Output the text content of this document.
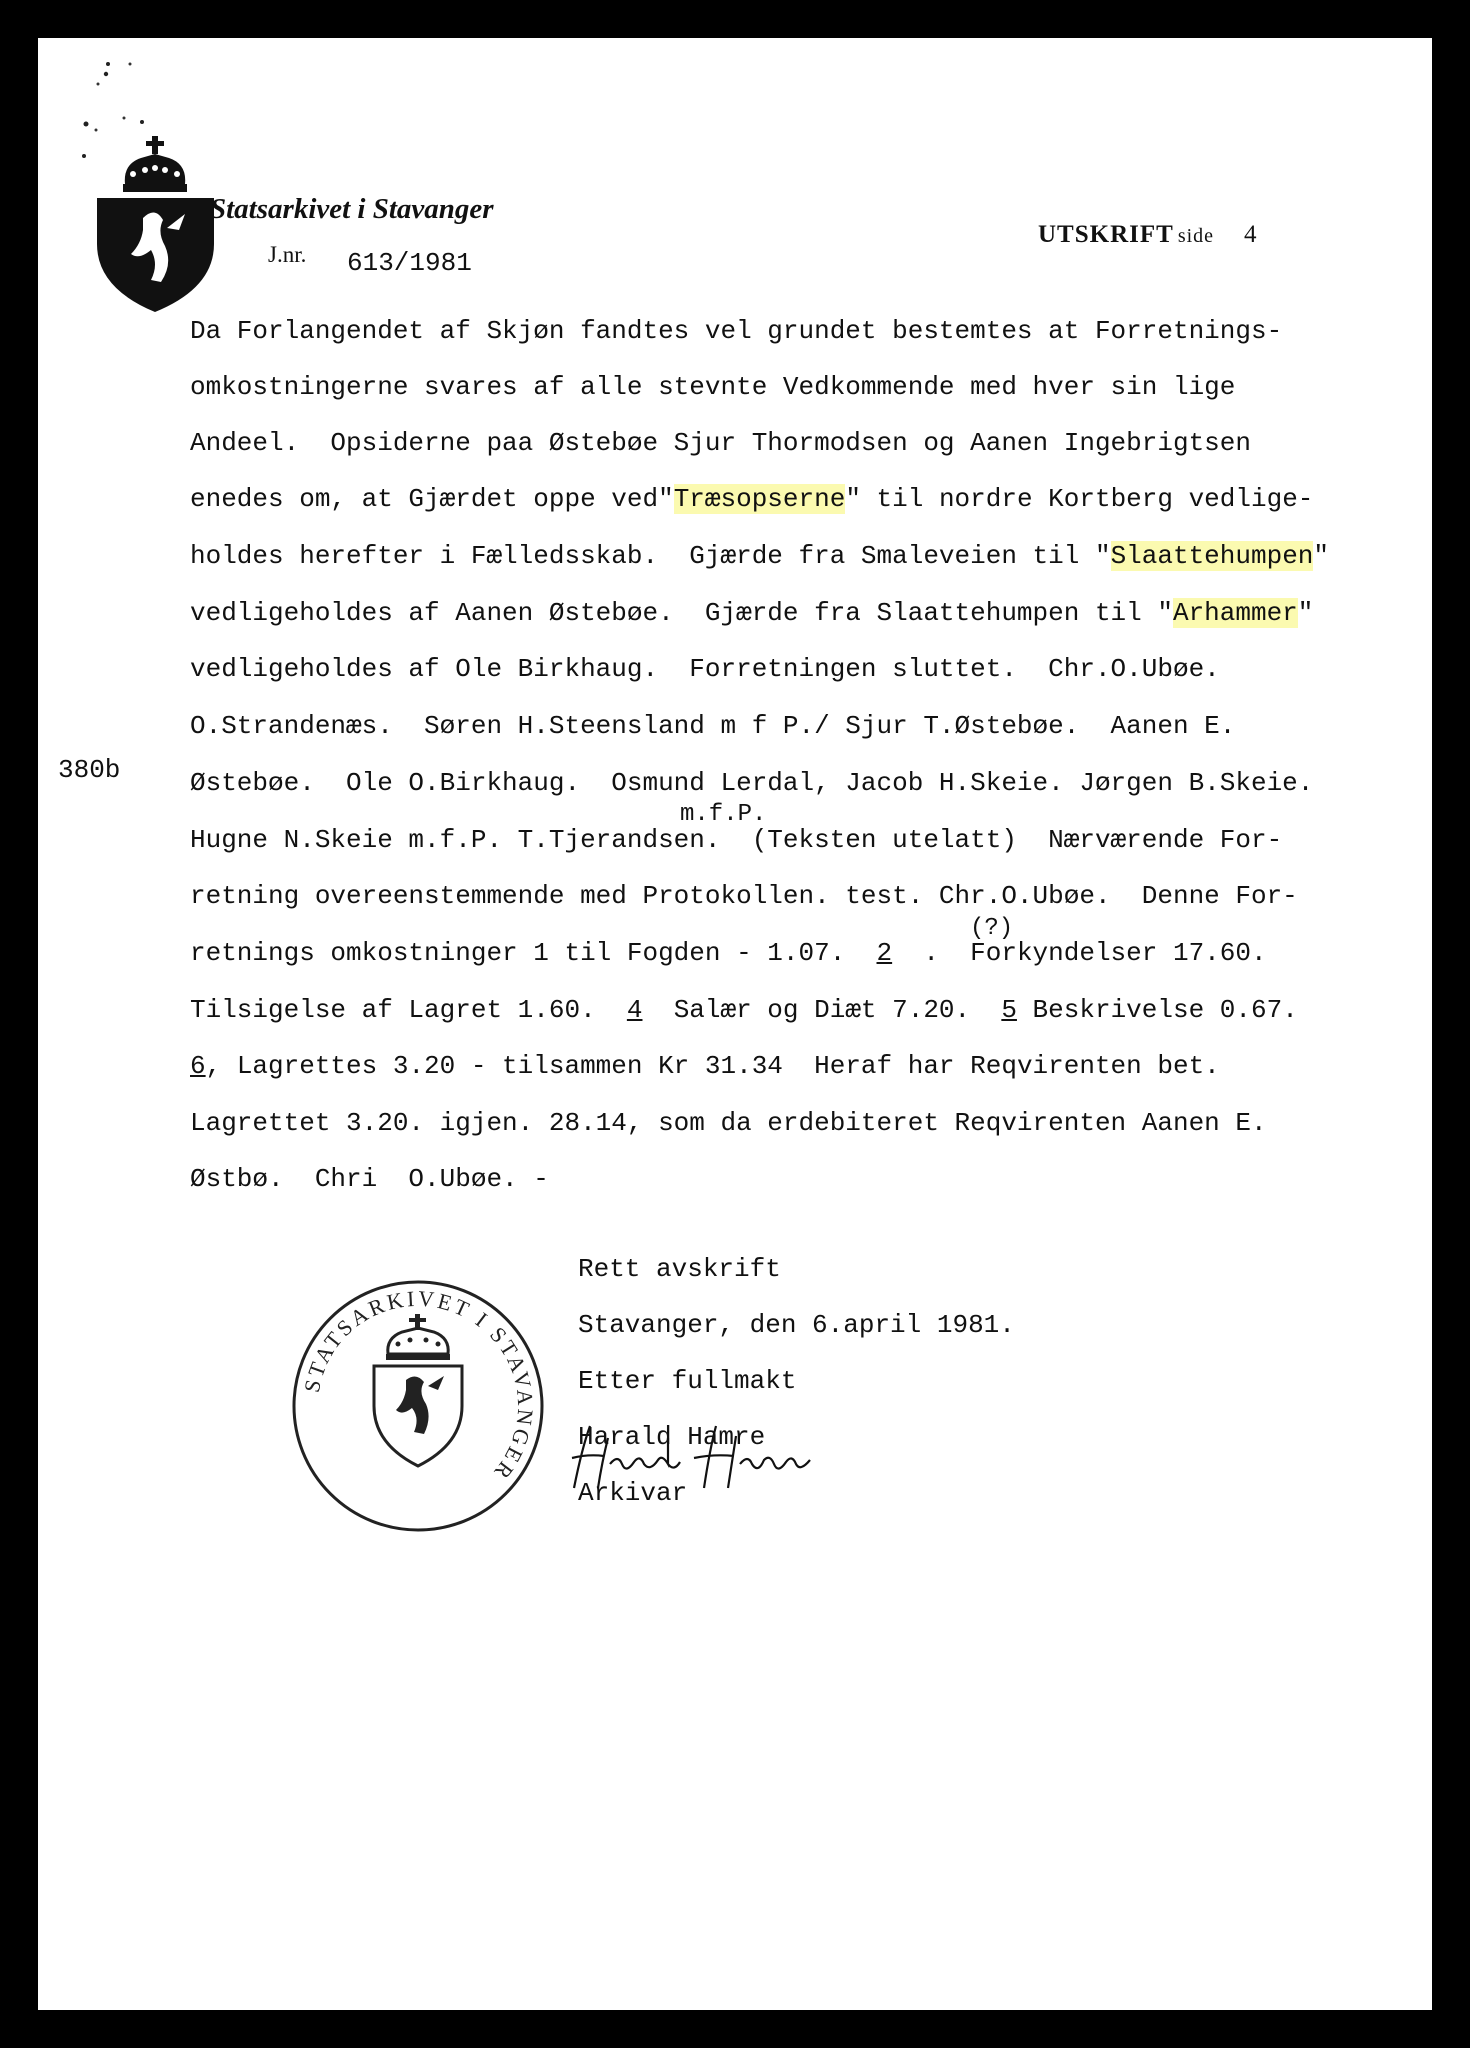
Statsarkivet i Stavanger
J.nr. 613/1981
UTSKRIFT side 4
Da Forlangendet af Skjøn fandtes vel grundet bestemtes at Forretnings-
omkostningerne svares af alle stevnte Vedkommende med hver sin lige
Andeel.  Opsiderne paa Østebøe Sjur Thormodsen og Aanen Ingebrigtsen
enedes om, at Gjærdet oppe ved"Træsopserne" til nordre Kortberg vedlige-
holdes herefter i Fælledsskab.  Gjærde fra Smaleveien til "Slaattehumpen"
vedligeholdes af Aanen Østebøe.  Gjærde fra Slaattehumpen til "Arhammer"
vedligeholdes af Ole Birkhaug.  Forretningen sluttet.  Chr.O.Ubøe.
380b
O.Strandenæs.  Søren H.Steensland m f P./ Sjur T.Østebøe.  Aanen E.
Østebøe.  Ole O.Birkhaug.  Osmund Lerdal, Jacob H.Skeie. Jørgen B.Skeie.
m.f.P.
Hugne N.Skeie m.f.P. T.Tjerandsen.  (Teksten utelatt)  Nærværende For-
retning overeenstemmende med Protokollen. test. Chr.O.Ubøe.  Denne For-
(?)
retnings omkostninger 1 til Fogden - 1.07.  2  .  Forkyndelser 17.60.
Tilsigelse af Lagret 1.60.  4  Salær og Diæt 7.20.  5 Beskrivelse 0.67.
6, Lagrettes 3.20 - tilsammen Kr 31.34  Heraf har Reqvirenten bet.
Lagrettet 3.20. igjen. 28.14, som da erdebiteret Reqvirenten Aanen E.
Østbø.  Chri  O.Ubøe. -
Rett avskrift
Stavanger, den 6.april 1981.
Etter fullmakt
Harald Hamre
Arkivar
STATSARKIVET I STAVANGER
